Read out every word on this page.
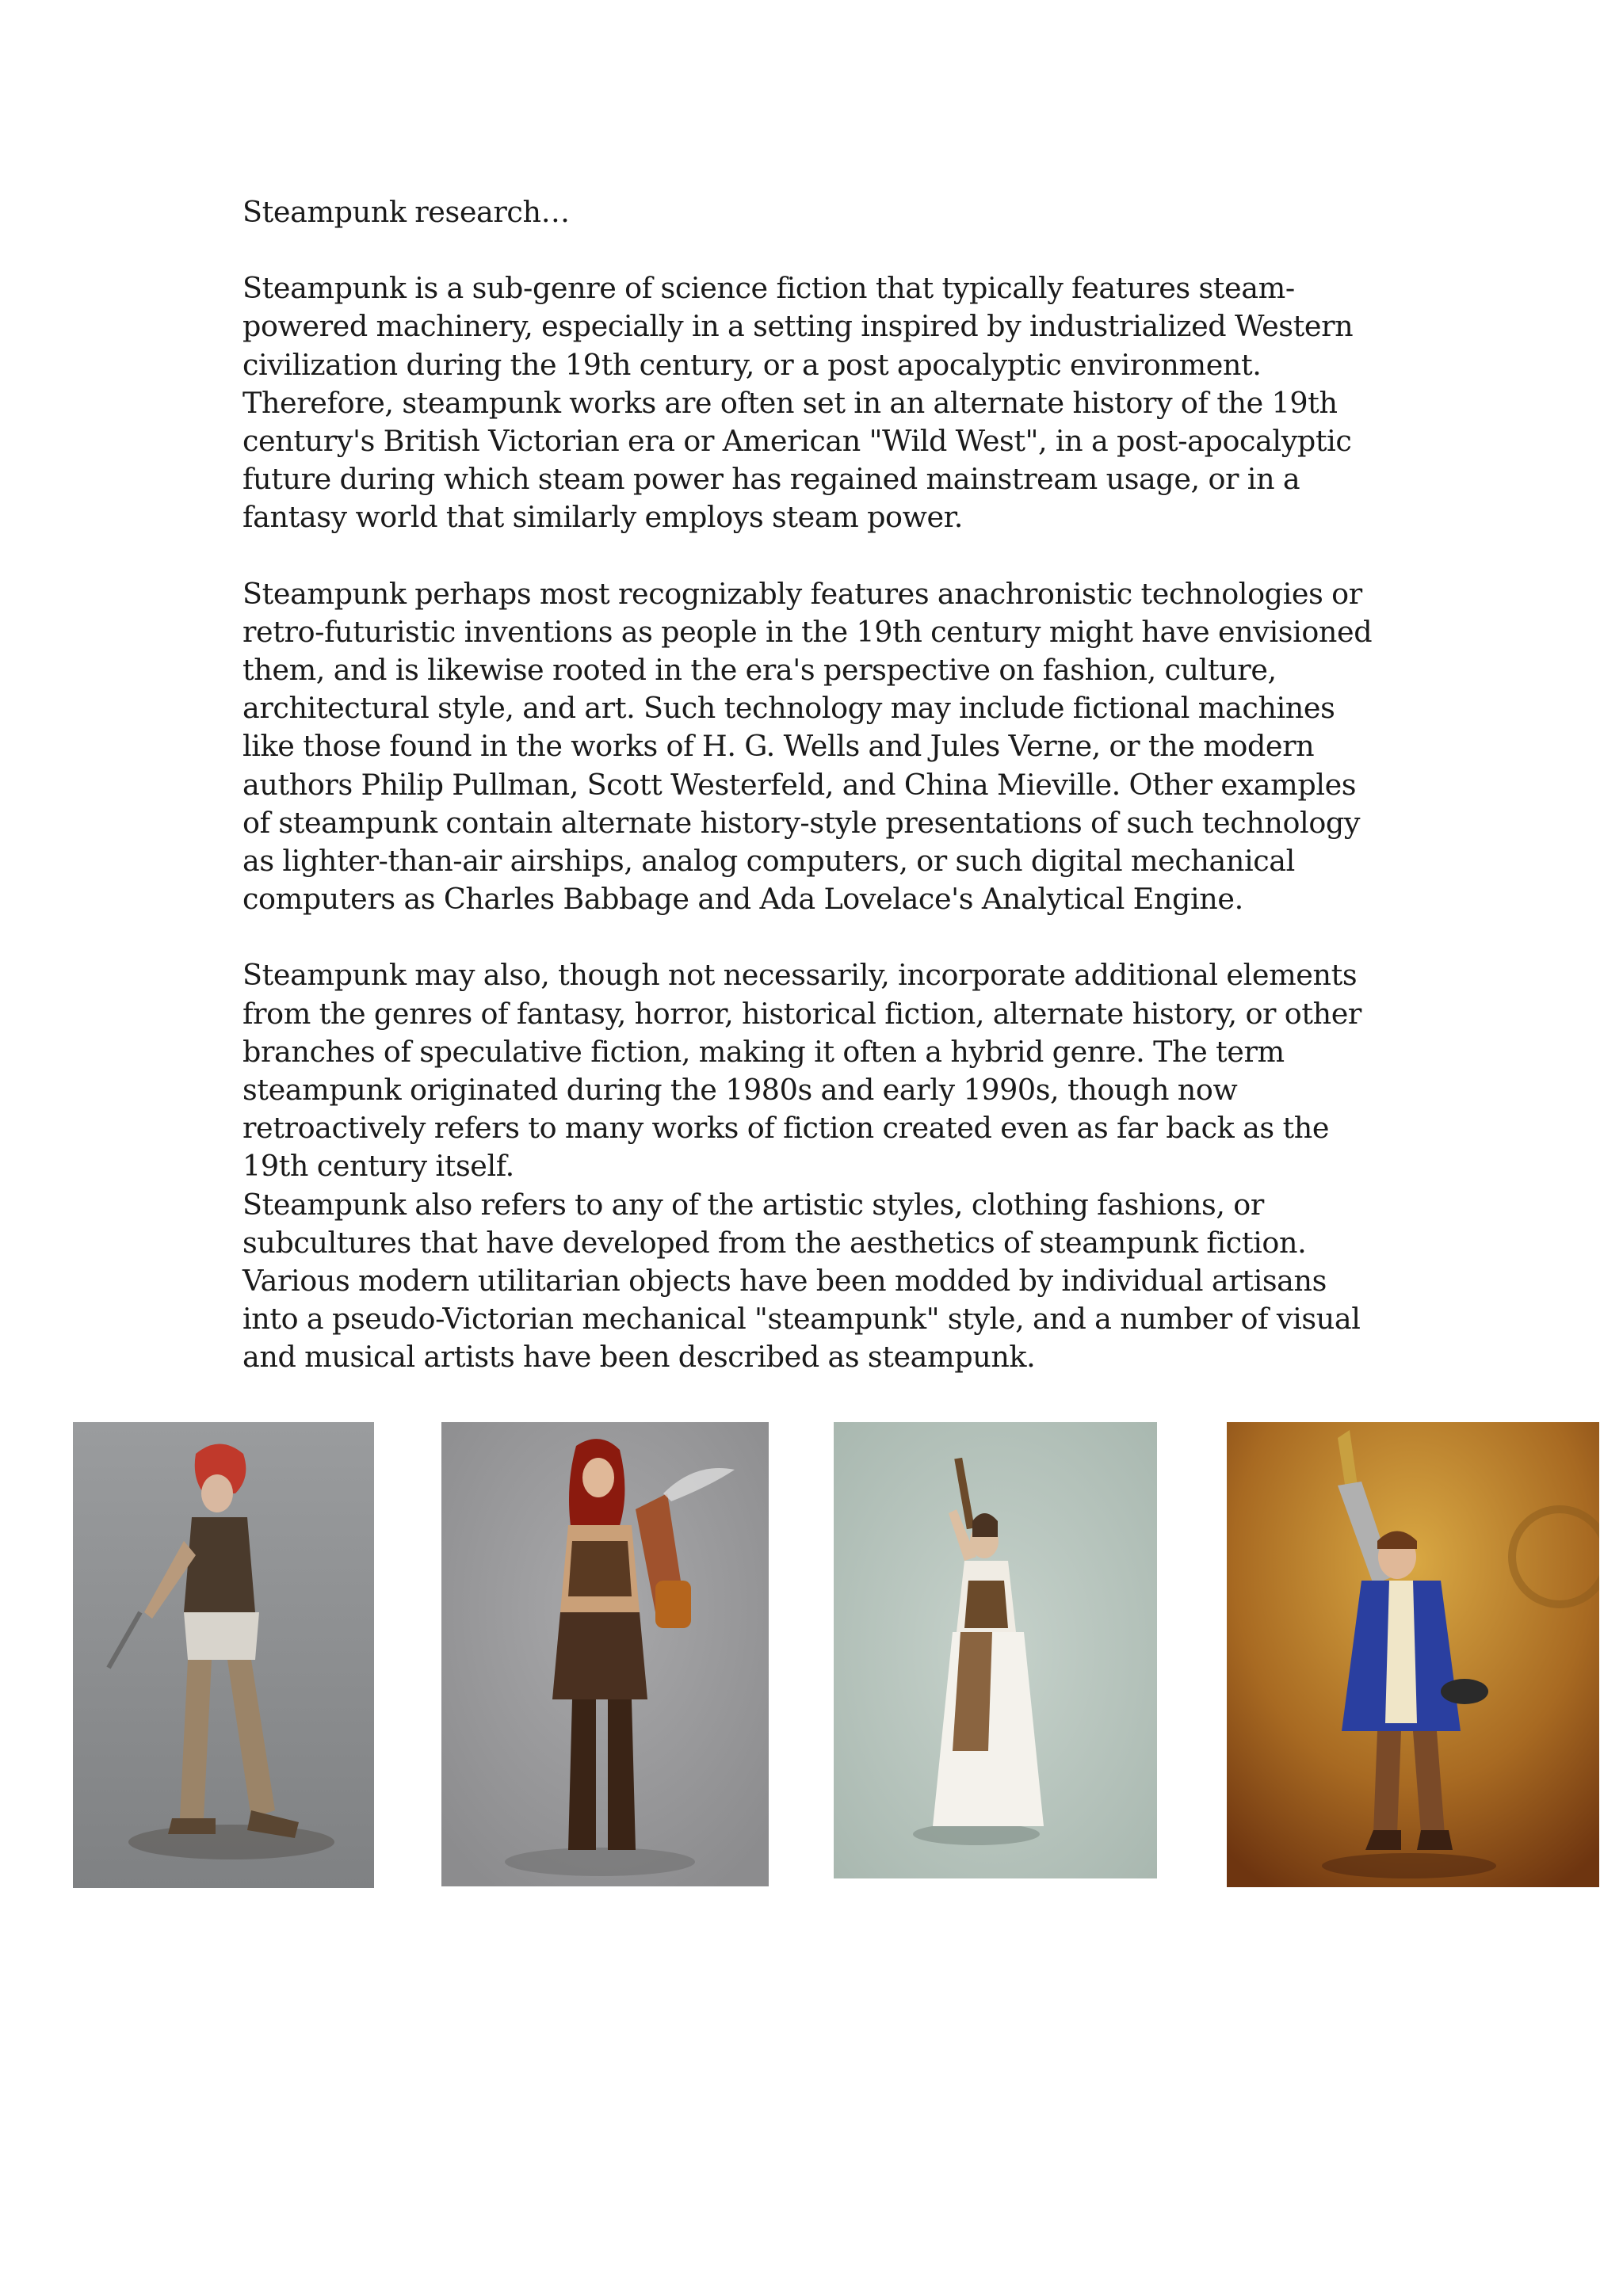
Steampunk research…

Steampunk is a sub-genre of science fiction that typically features steam-powered machinery, especially in a setting inspired by industrialized Western civilization during the 19th century, or a post apocalyptic environment. Therefore, steampunk works are often set in an alternate history of the 19th century's British Victorian era or American "Wild West", in a post-apocalyptic future during which steam power has regained mainstream usage, or in a fantasy world that similarly employs steam power.

Steampunk perhaps most recognizably features anachronistic technologies or retro-futuristic inventions as people in the 19th century might have envisioned them, and is likewise rooted in the era's perspective on fashion, culture, architectural style, and art. Such technology may include fictional machines like those found in the works of H. G. Wells and Jules Verne, or the modern authors Philip Pullman, Scott Westerfeld, and China Mieville. Other examples of steampunk contain alternate history-style presentations of such technology as lighter-than-air airships, analog computers, or such digital mechanical computers as Charles Babbage and Ada Lovelace's Analytical Engine.

Steampunk may also, though not necessarily, incorporate additional elements from the genres of fantasy, horror, historical fiction, alternate history, or other branches of speculative fiction, making it often a hybrid genre. The term steampunk originated during the 1980s and early 1990s, though now retroactively refers to many works of fiction created even as far back as the 19th century itself.

Steampunk also refers to any of the artistic styles, clothing fashions, or subcultures that have developed from the aesthetics of steampunk fiction. Various modern utilitarian objects have been modded by individual artisans into a pseudo-Victorian mechanical "steampunk" style, and a number of visual and musical artists have been described as steampunk.
